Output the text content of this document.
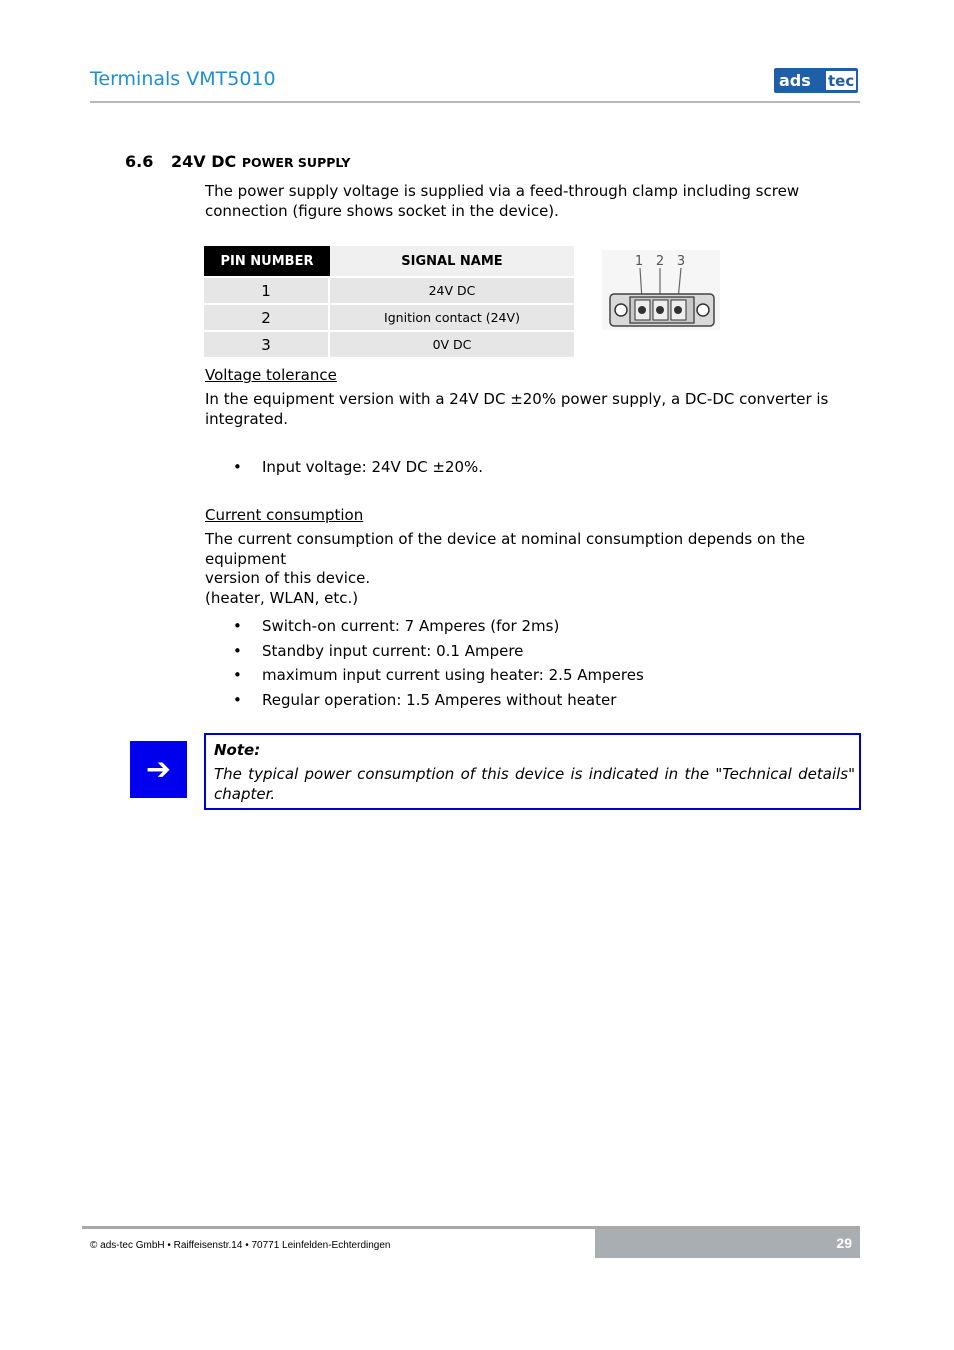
Terminals VMT5010	ads tec
6.6 24V DC POWER SUPPLY
The power supply voltage is supplied via a feed-through clamp including screw
connection (figure shows socket in the device).
PIN NUMBER	SIGNAL NAME
1	24V DC
2	Ignition contact (24V)
3	0V DC
1 2 3
Voltage tolerance
In the equipment version with a 24V DC ±20% power supply, a DC-DC converter is
integrated.
• Input voltage: 24V DC ±20%.
Current consumption
The current consumption of the device at nominal consumption depends on the equipment
version of this device.
(heater, WLAN, etc.)
• Switch-on current: 7 Amperes (for 2ms)
• Standby input current: 0.1 Ampere
• maximum input current using heater: 2.5 Amperes
• Regular operation: 1.5 Amperes without heater
➔
Note:
The typical power consumption of this device is indicated in the "Technical details" chapter.
© ads-tec GmbH • Raiffeisenstr.14 • 70771 Leinfelden-Echterdingen	29
